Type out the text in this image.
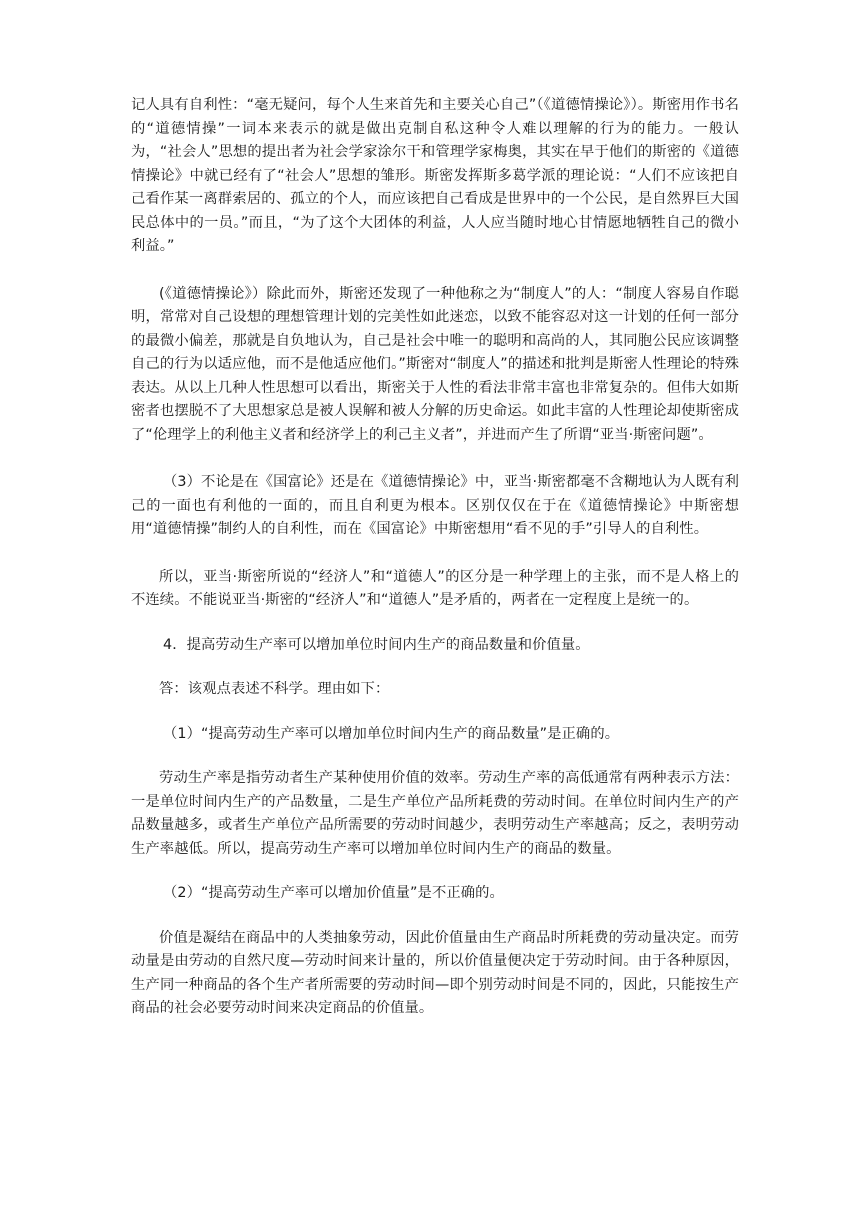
记人具有自利性：“毫无疑问，每个人生来首先和主要关心自己”（《道德情操论》）。斯密用作书名的“道德情操”一词本来表示的就是做出克制自私这种令人难以理解的行为的能力。一般认为，“社会人”思想的提出者为社会学家涂尔干和管理学家梅奥，其实在早于他们的斯密的《道德情操论》中就已经有了“社会人”思想的雏形。斯密发挥斯多葛学派的理论说：“人们不应该把自己看作某一离群索居的、孤立的个人，而应该把自己看成是世界中的一个公民，是自然界巨大国民总体中的一员。”而且，“为了这个大团体的利益，人人应当随时地心甘情愿地牺牲自己的微小利益。”

(《道德情操论》）除此而外，斯密还发现了一种他称之为“制度人”的人：“制度人容易自作聪明，常常对自己设想的理想管理计划的完美性如此迷恋，以致不能容忍对这一计划的任何一部分的最微小偏差，那就是自负地认为，自己是社会中唯一的聪明和高尚的人，其同胞公民应该调整自己的行为以适应他，而不是他适应他们。”斯密对“制度人”的描述和批判是斯密人性理论的特殊表达。从以上几种人性思想可以看出，斯密关于人性的看法非常丰富也非常复杂的。但伟大如斯密者也摆脱不了大思想家总是被人误解和被人分解的历史命运。如此丰富的人性理论却使斯密成了“伦理学上的利他主义者和经济学上的利己主义者”，并进而产生了所谓“亚当·斯密问题”。

（3）不论是在《国富论》还是在《道德情操论》中，亚当·斯密都毫不含糊地认为人既有利己的一面也有利他的一面的，而且自利更为根本。区别仅仅在于在《道德情操论》中斯密想用“道德情操”制约人的自利性，而在《国富论》中斯密想用“看不见的手”引导人的自利性。

所以，亚当·斯密所说的“经济人”和“道德人”的区分是一种学理上的主张，而不是人格上的不连续。不能说亚当·斯密的“经济人”和“道德人”是矛盾的，两者在一定程度上是统一的。

4．提高劳动生产率可以增加单位时间内生产的商品数量和价值量。

答：该观点表述不科学。理由如下：

（1）“提高劳动生产率可以增加单位时间内生产的商品数量”是正确的。

劳动生产率是指劳动者生产某种使用价值的效率。劳动生产率的高低通常有两种表示方法：一是单位时间内生产的产品数量，二是生产单位产品所耗费的劳动时间。在单位时间内生产的产品数量越多，或者生产单位产品所需要的劳动时间越少，表明劳动生产率越高；反之，表明劳动生产率越低。所以，提高劳动生产率可以增加单位时间内生产的商品的数量。

（2）“提高劳动生产率可以增加价值量”是不正确的。

价值是凝结在商品中的人类抽象劳动，因此价值量由生产商品时所耗费的劳动量决定。而劳动量是由劳动的自然尺度—劳动时间来计量的，所以价值量便决定于劳动时间。由于各种原因，生产同一种商品的各个生产者所需要的劳动时间—即个别劳动时间是不同的，因此，只能按生产商品的社会必要劳动时间来决定商品的价值量。
